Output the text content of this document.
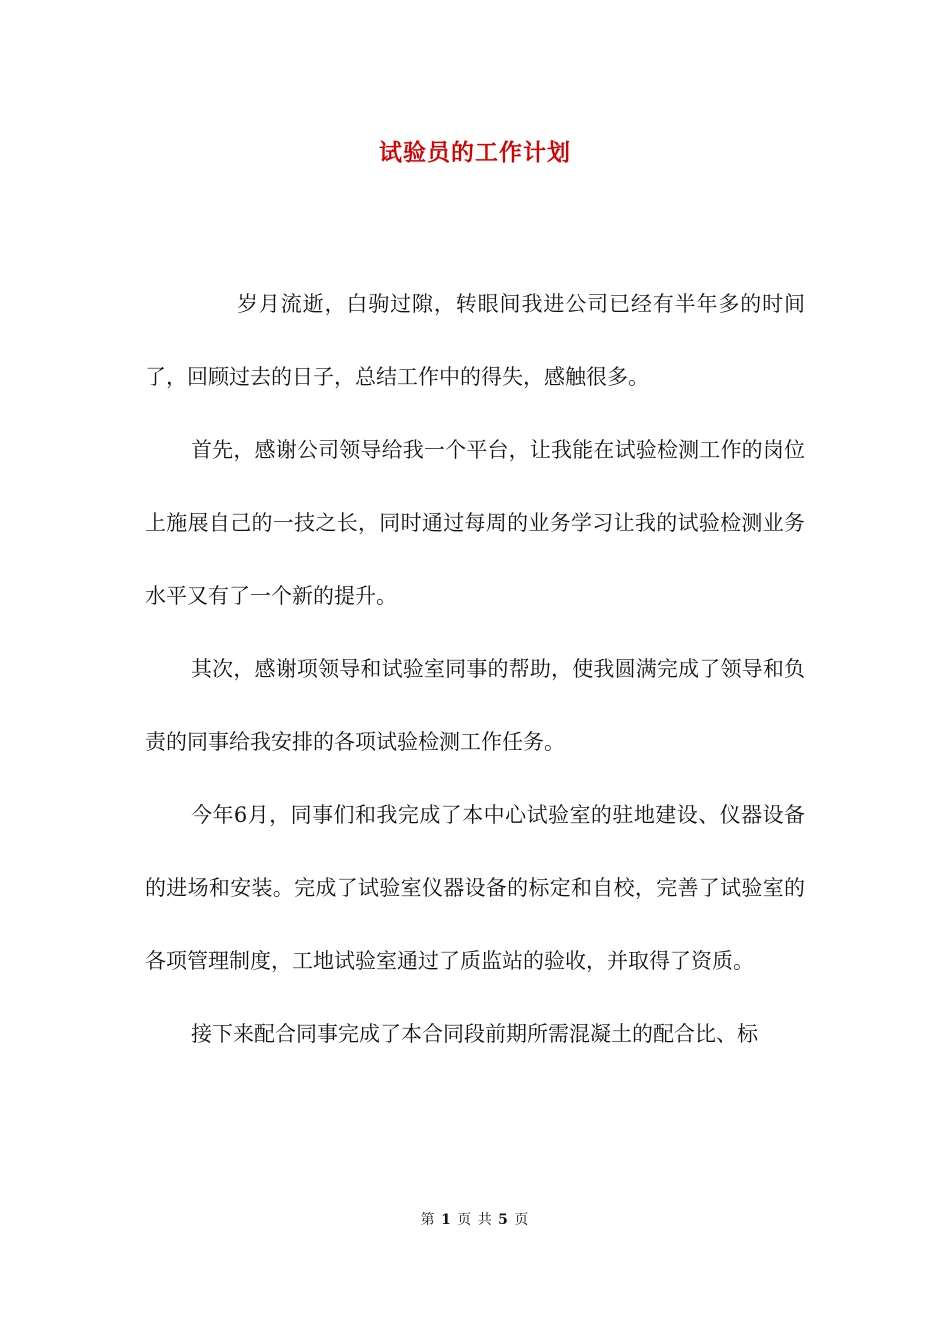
试验员的工作计划

岁月流逝，白驹过隙，转眼间我进公司已经有半年多的时间了，回顾过去的日子，总结工作中的得失，感触很多。

首先，感谢公司领导给我一个平台，让我能在试验检测工作的岗位上施展自己的一技之长，同时通过每周的业务学习让我的试验检测业务水平又有了一个新的提升。

其次，感谢项领导和试验室同事的帮助，使我圆满完成了领导和负责的同事给我安排的各项试验检测工作任务。

今年6月，同事们和我完成了本中心试验室的驻地建设、仪器设备的进场和安装。完成了试验室仪器设备的标定和自校，完善了试验室的各项管理制度，工地试验室通过了质监站的验收，并取得了资质。

接下来配合同事完成了本合同段前期所需混凝土的配合比、标

第 1 页 共 5 页
